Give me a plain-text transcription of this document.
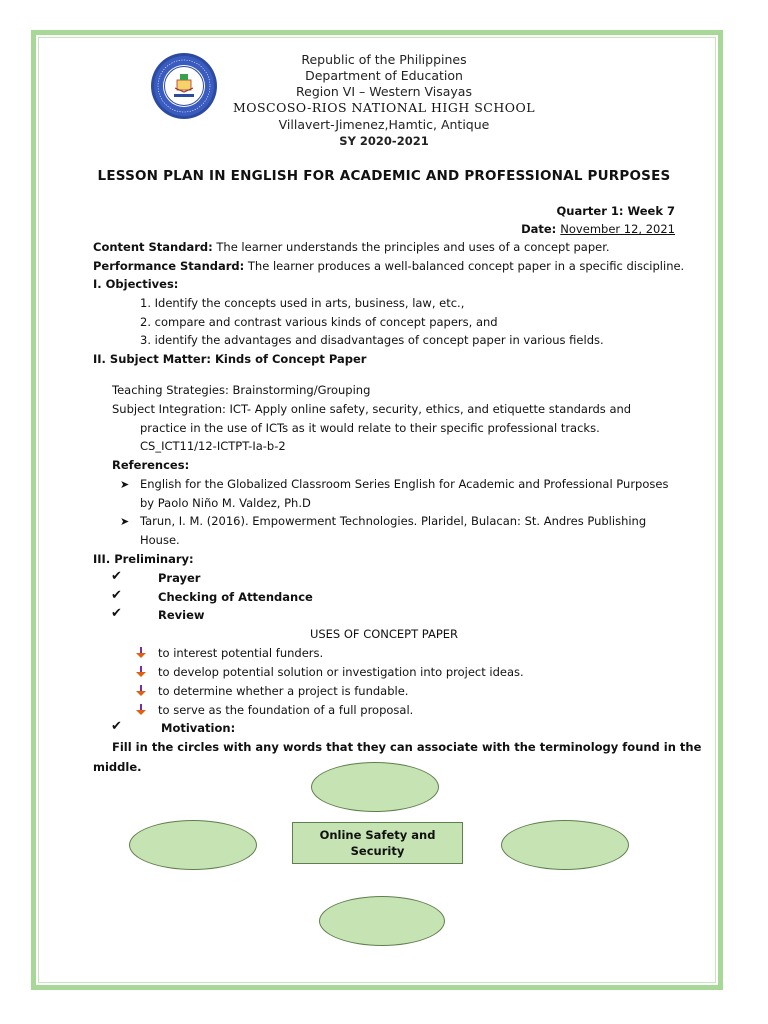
Republic of the Philippines
Department of Education
Region VI – Western Visayas
MOSCOSO-RIOS NATIONAL HIGH SCHOOL
Villavert-Jimenez,Hamtic, Antique
SY 2020-2021
LESSON PLAN IN ENGLISH FOR ACADEMIC AND PROFESSIONAL PURPOSES
Quarter 1: Week 7
Date: November 12, 2021
Content Standard: The learner understands the principles and uses of a concept paper.
Performance Standard: The learner produces a well-balanced concept paper in a specific discipline.
I. Objectives:
1. Identify the concepts used in arts, business, law, etc.,
2. compare and contrast various kinds of concept papers, and
3. identify the advantages and disadvantages of concept paper in various fields.
II. Subject Matter: Kinds of Concept Paper
Teaching Strategies: Brainstorming/Grouping
Subject Integration: ICT- Apply online safety, security, ethics, and etiquette standards and
practice in the use of ICTs as it would relate to their specific professional tracks.
CS_ICT11/12-ICTPT-Ia-b-2
References:
➤ English for the Globalized Classroom Series English for Academic and Professional Purposes
by Paolo Niño M. Valdez, Ph.D
➤ Tarun, I. M. (2016). Empowerment Technologies. Plaridel, Bulacan: St. Andres Publishing
House.
III. Preliminary:
✔	Prayer
✔	Checking of Attendance
✔	Review
USES OF CONCEPT PAPER
to interest potential funders.
to develop potential solution or investigation into project ideas.
to determine whether a project is fundable.
to serve as the foundation of a full proposal.
✔	Motivation:
Fill in the circles with any words that they can associate with the terminology found in the
middle.
Online Safety and
Security
